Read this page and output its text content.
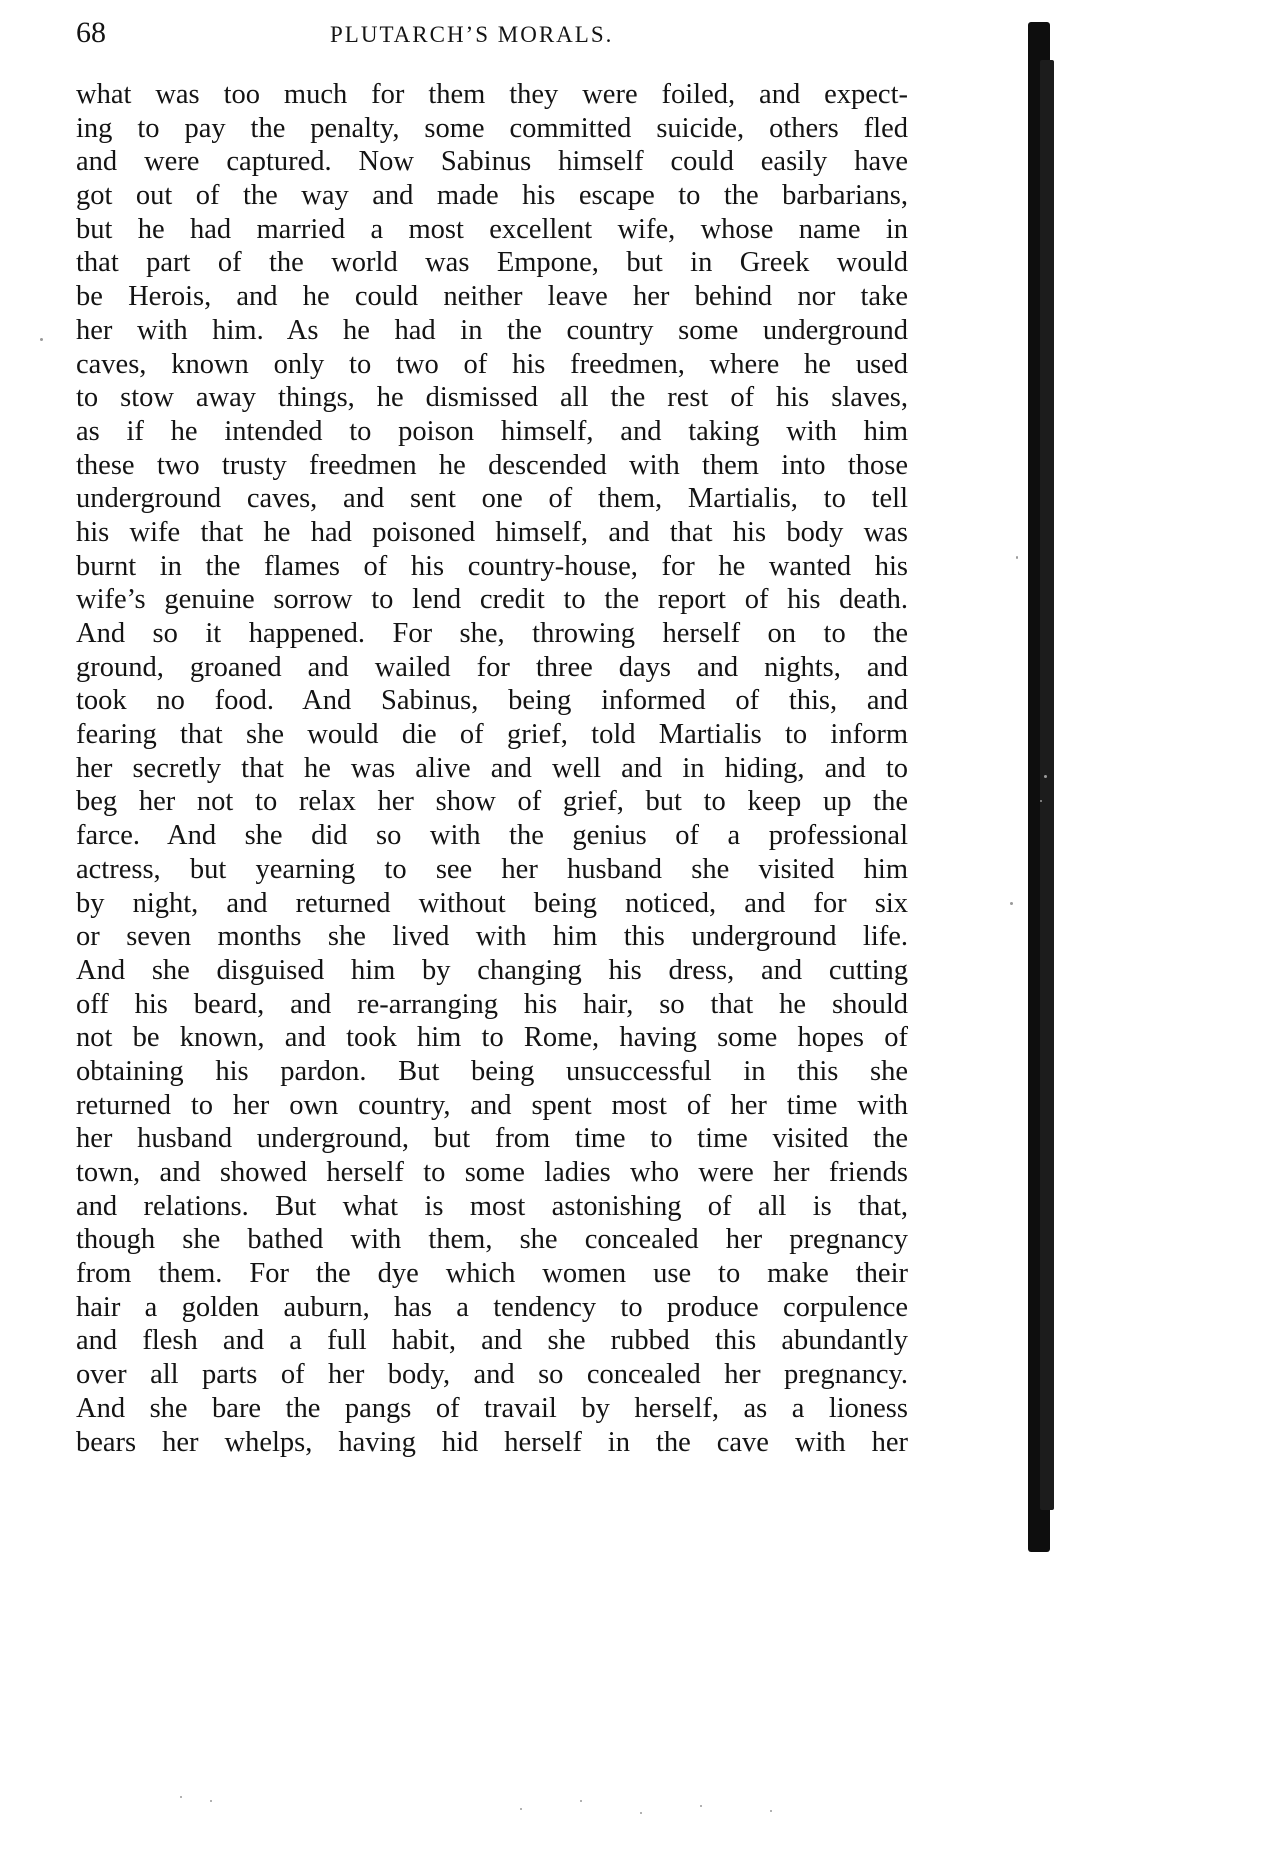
68	PLUTARCH’S MORALS.
what was too much for them they were foiled, and expect-
ing to pay the penalty, some committed suicide, others fled
and were captured. Now Sabinus himself could easily have
got out of the way and made his escape to the barbarians,
but he had married a most excellent wife, whose name in
that part of the world was Empone, but in Greek would
be Herois, and he could neither leave her behind nor take
her with him. As he had in the country some underground
caves, known only to two of his freedmen, where he used
to stow away things, he dismissed all the rest of his slaves,
as if he intended to poison himself, and taking with him
these two trusty freedmen he descended with them into those
underground caves, and sent one of them, Martialis, to tell
his wife that he had poisoned himself, and that his body was
burnt in the flames of his country-house, for he wanted his
wife’s genuine sorrow to lend credit to the report of his death.
And so it happened. For she, throwing herself on to the
ground, groaned and wailed for three days and nights, and
took no food. And Sabinus, being informed of this, and
fearing that she would die of grief, told Martialis to inform
her secretly that he was alive and well and in hiding, and to
beg her not to relax her show of grief, but to keep up the
farce. And she did so with the genius of a professional
actress, but yearning to see her husband she visited him
by night, and returned without being noticed, and for six
or seven months she lived with him this underground life.
And she disguised him by changing his dress, and cutting
off his beard, and re-arranging his hair, so that he should
not be known, and took him to Rome, having some hopes of
obtaining his pardon. But being unsuccessful in this she
returned to her own country, and spent most of her time with
her husband underground, but from time to time visited the
town, and showed herself to some ladies who were her friends
and relations. But what is most astonishing of all is that,
though she bathed with them, she concealed her pregnancy
from them. For the dye which women use to make their
hair a golden auburn, has a tendency to produce corpulence
and flesh and a full habit, and she rubbed this abundantly
over all parts of her body, and so concealed her pregnancy.
And she bare the pangs of travail by herself, as a lioness
bears her whelps, having hid herself in the cave with her
